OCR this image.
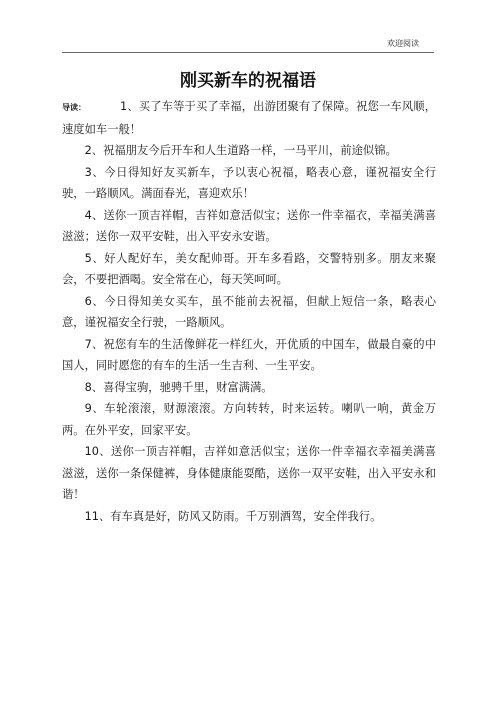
欢迎阅读
刚买新车的祝福语

导读：	1、买了车等于买了幸福，出游团聚有了保障。祝您一车风顺，速度如车一般！

2、祝福朋友今后开车和人生道路一样，一马平川，前途似锦。

3、今日得知好友买新车，予以衷心祝福，略表心意，谨祝福安全行驶，一路顺风。满面春光，喜迎欢乐！

4、送你一顶吉祥帽，吉祥如意活似宝；送你一件幸福衣，幸福美满喜滋滋；送你一双平安鞋，出入平安永安谐。

5、好人配好车，美女配帅哥。开车多看路，交警特别多。朋友来聚会，不要把酒喝。安全常在心，每天笑呵呵。

6、今日得知美女买车，虽不能前去祝福，但献上短信一条，略表心意，谨祝福安全行驶，一路顺风。

7、祝您有车的生活像鲜花一样红火，开优质的中国车，做最自豪的中国人，同时愿您的有车的生活一生吉利、一生平安。

8、喜得宝驹，驰骋千里，财富满满。

9、车轮滚滚，财源滚滚。方向转转，时来运转。喇叭一响，黄金万两。在外平安，回家平安。

10、送你一顶吉祥帽，吉祥如意活似宝；送你一件幸福衣幸福美满喜滋滋，送你一条保健裤，身体健康能耍酷，送你一双平安鞋，出入平安永和谐！

11、有车真是好，防风又防雨。千万别酒驾，安全伴我行。
